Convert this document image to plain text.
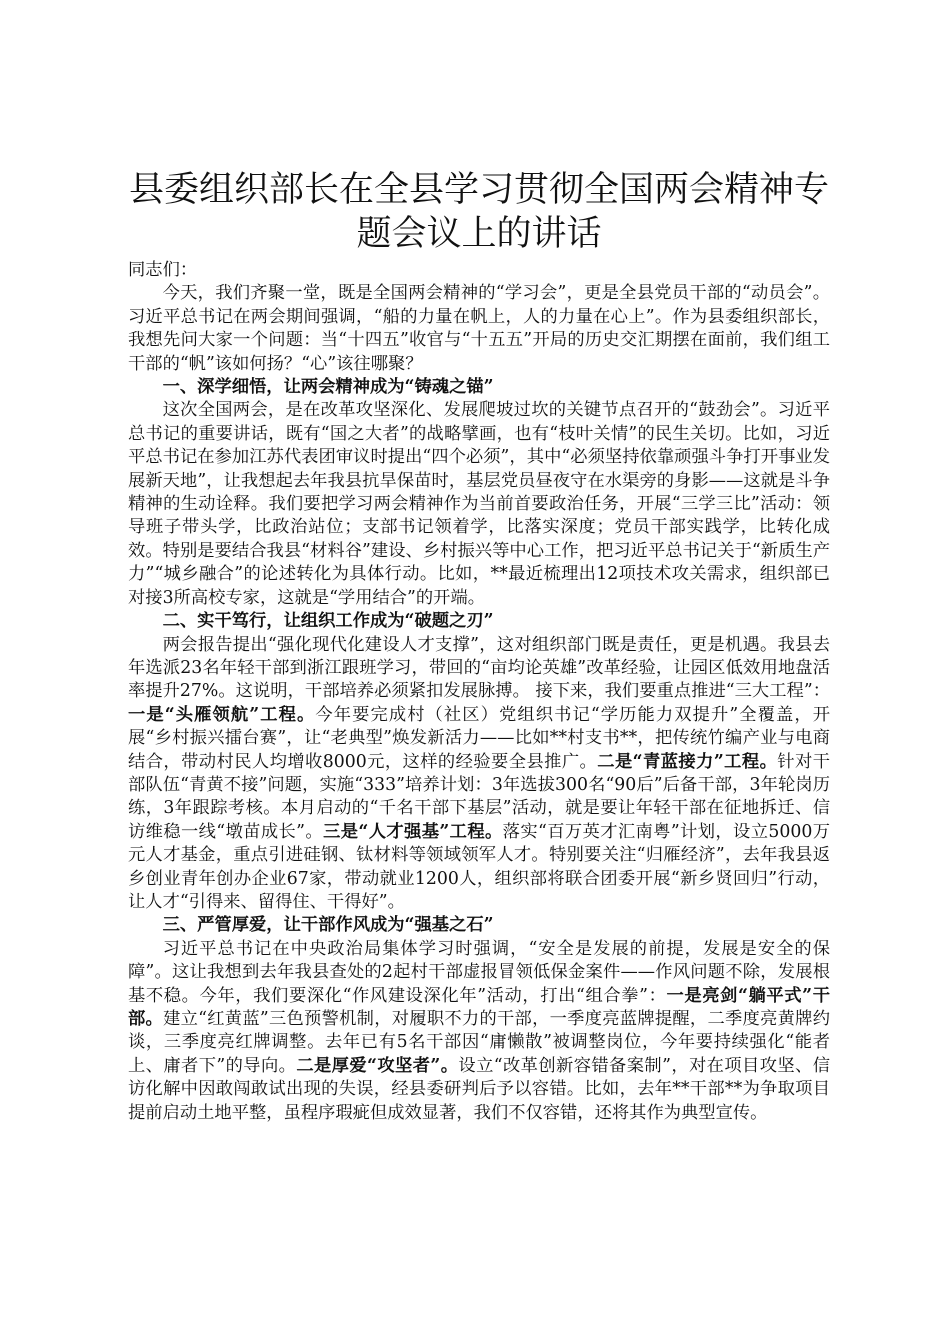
县委组织部长在全县学习贯彻全国两会精神专题会议上的讲话

同志们：

今天，我们齐聚一堂，既是全国两会精神的“学习会”，更是全县党员干部的“动员会”。习近平总书记在两会期间强调，“船的力量在帆上，人的力量在心上”。作为县委组织部长，我想先问大家一个问题：当“十四五”收官与“十五五”开局的历史交汇期摆在面前，我们组工干部的“帆”该如何扬？“心”该往哪聚？

一、深学细悟，让两会精神成为“铸魂之锚”

这次全国两会，是在改革攻坚深化、发展爬坡过坎的关键节点召开的“鼓劲会”。习近平总书记的重要讲话，既有“国之大者”的战略擘画，也有“枝叶关情”的民生关切。比如，习近平总书记在参加江苏代表团审议时提出“四个必须”，其中“必须坚持依靠顽强斗争打开事业发展新天地”，让我想起去年我县抗旱保苗时，基层党员昼夜守在水渠旁的身影——这就是斗争精神的生动诠释。我们要把学习两会精神作为当前首要政治任务，开展“三学三比”活动：领导班子带头学，比政治站位；支部书记领着学，比落实深度；党员干部实践学，比转化成效。特别是要结合我县“材料谷”建设、乡村振兴等中心工作，把习近平总书记关于“新质生产力”“城乡融合”的论述转化为具体行动。比如，**最近梳理出12项技术攻关需求，组织部已对接3所高校专家，这就是“学用结合”的开端。

二、实干笃行，让组织工作成为“破题之刃”

两会报告提出“强化现代化建设人才支撑”，这对组织部门既是责任，更是机遇。我县去年选派23名年轻干部到浙江跟班学习，带回的“亩均论英雄”改革经验，让园区低效用地盘活率提升27%。这说明，干部培养必须紧扣发展脉搏。 接下来，我们要重点推进“三大工程”：一是“头雁领航”工程。今年要完成村（社区）党组织书记“学历能力双提升”全覆盖，开展“乡村振兴擂台赛”，让“老典型”焕发新活力——比如**村支书**，把传统竹编产业与电商结合，带动村民人均增收8000元，这样的经验要全县推广。二是“青蓝接力”工程。针对干部队伍“青黄不接”问题，实施“333”培养计划：3年选拔300名“90后”后备干部，3年轮岗历练，3年跟踪考核。本月启动的“千名干部下基层”活动，就是要让年轻干部在征地拆迁、信访维稳一线“墩苗成长”。三是“人才强基”工程。落实“百万英才汇南粤”计划，设立5000万元人才基金，重点引进硅钢、钛材料等领域领军人才。特别要关注“归雁经济”，去年我县返乡创业青年创办企业67家，带动就业1200人，组织部将联合团委开展“新乡贤回归”行动，让人才“引得来、留得住、干得好”。

三、严管厚爱，让干部作风成为“强基之石”

习近平总书记在中央政治局集体学习时强调，“安全是发展的前提，发展是安全的保障”。这让我想到去年我县查处的2起村干部虚报冒领低保金案件——作风问题不除，发展根基不稳。今年，我们要深化“作风建设深化年”活动，打出“组合拳”：一是亮剑“躺平式”干部。建立“红黄蓝”三色预警机制，对履职不力的干部，一季度亮蓝牌提醒，二季度亮黄牌约谈，三季度亮红牌调整。去年已有5名干部因“庸懒散”被调整岗位，今年要持续强化“能者上、庸者下”的导向。二是厚爱“攻坚者”。设立“改革创新容错备案制”，对在项目攻坚、信访化解中因敢闯敢试出现的失误，经县委研判后予以容错。比如，去年**干部**为争取项目提前启动土地平整，虽程序瑕疵但成效显著，我们不仅容错，还将其作为典型宣传。
